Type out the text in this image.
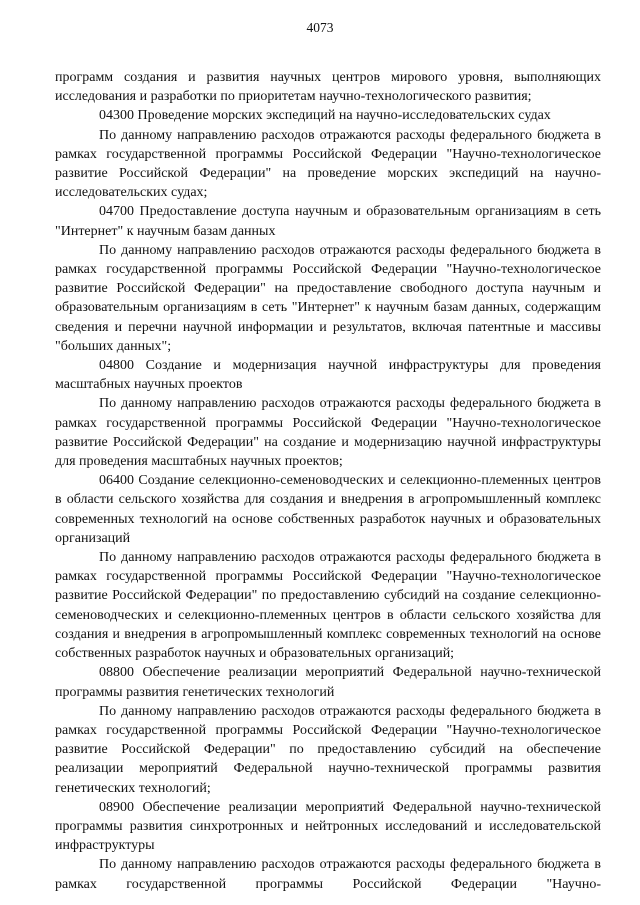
4073

программ создания и развития научных центров мирового уровня, выполняющих исследования и разработки по приоритетам научно-технологического развития;

04300 Проведение морских экспедиций на научно-исследовательских судах

По данному направлению расходов отражаются расходы федерального бюджета в рамках государственной программы Российской Федерации "Научно-технологическое развитие Российской Федерации" на проведение морских экспедиций на научно-исследовательских судах;

04700 Предоставление доступа научным и образовательным организациям в сеть "Интернет" к научным базам данных

По данному направлению расходов отражаются расходы федерального бюджета в рамках государственной программы Российской Федерации "Научно-технологическое развитие Российской Федерации" на предоставление свободного доступа научным и образовательным организациям в сеть "Интернет" к научным базам данных, содержащим сведения и перечни научной информации и результатов, включая патентные и массивы "больших данных";

04800 Создание и модернизация научной инфраструктуры для проведения масштабных научных проектов

По данному направлению расходов отражаются расходы федерального бюджета в рамках государственной программы Российской Федерации "Научно-технологическое развитие Российской Федерации" на создание и модернизацию научной инфраструктуры для проведения масштабных научных проектов;

06400 Создание селекционно-семеноводческих и селекционно-племенных центров в области сельского хозяйства для создания и внедрения в агропромышленный комплекс современных технологий на основе собственных разработок научных и образовательных организаций

По данному направлению расходов отражаются расходы федерального бюджета в рамках государственной программы Российской Федерации "Научно-технологическое развитие Российской Федерации" по предоставлению субсидий на создание селекционно-семеноводческих и селекционно-племенных центров в области сельского хозяйства для создания и внедрения в агропромышленный комплекс современных технологий на основе собственных разработок научных и образовательных организаций;

08800 Обеспечение реализации мероприятий Федеральной научно-технической программы развития генетических технологий

По данному направлению расходов отражаются расходы федерального бюджета в рамках государственной программы Российской Федерации "Научно-технологическое развитие Российской Федерации" по предоставлению субсидий на обеспечение реализации мероприятий Федеральной научно-технической программы развития генетических технологий;

08900 Обеспечение реализации мероприятий Федеральной научно-технической программы развития синхротронных и нейтронных исследований и исследовательской инфраструктуры

По данному направлению расходов отражаются расходы федерального бюджета в рамках государственной программы Российской Федерации "Научно-
